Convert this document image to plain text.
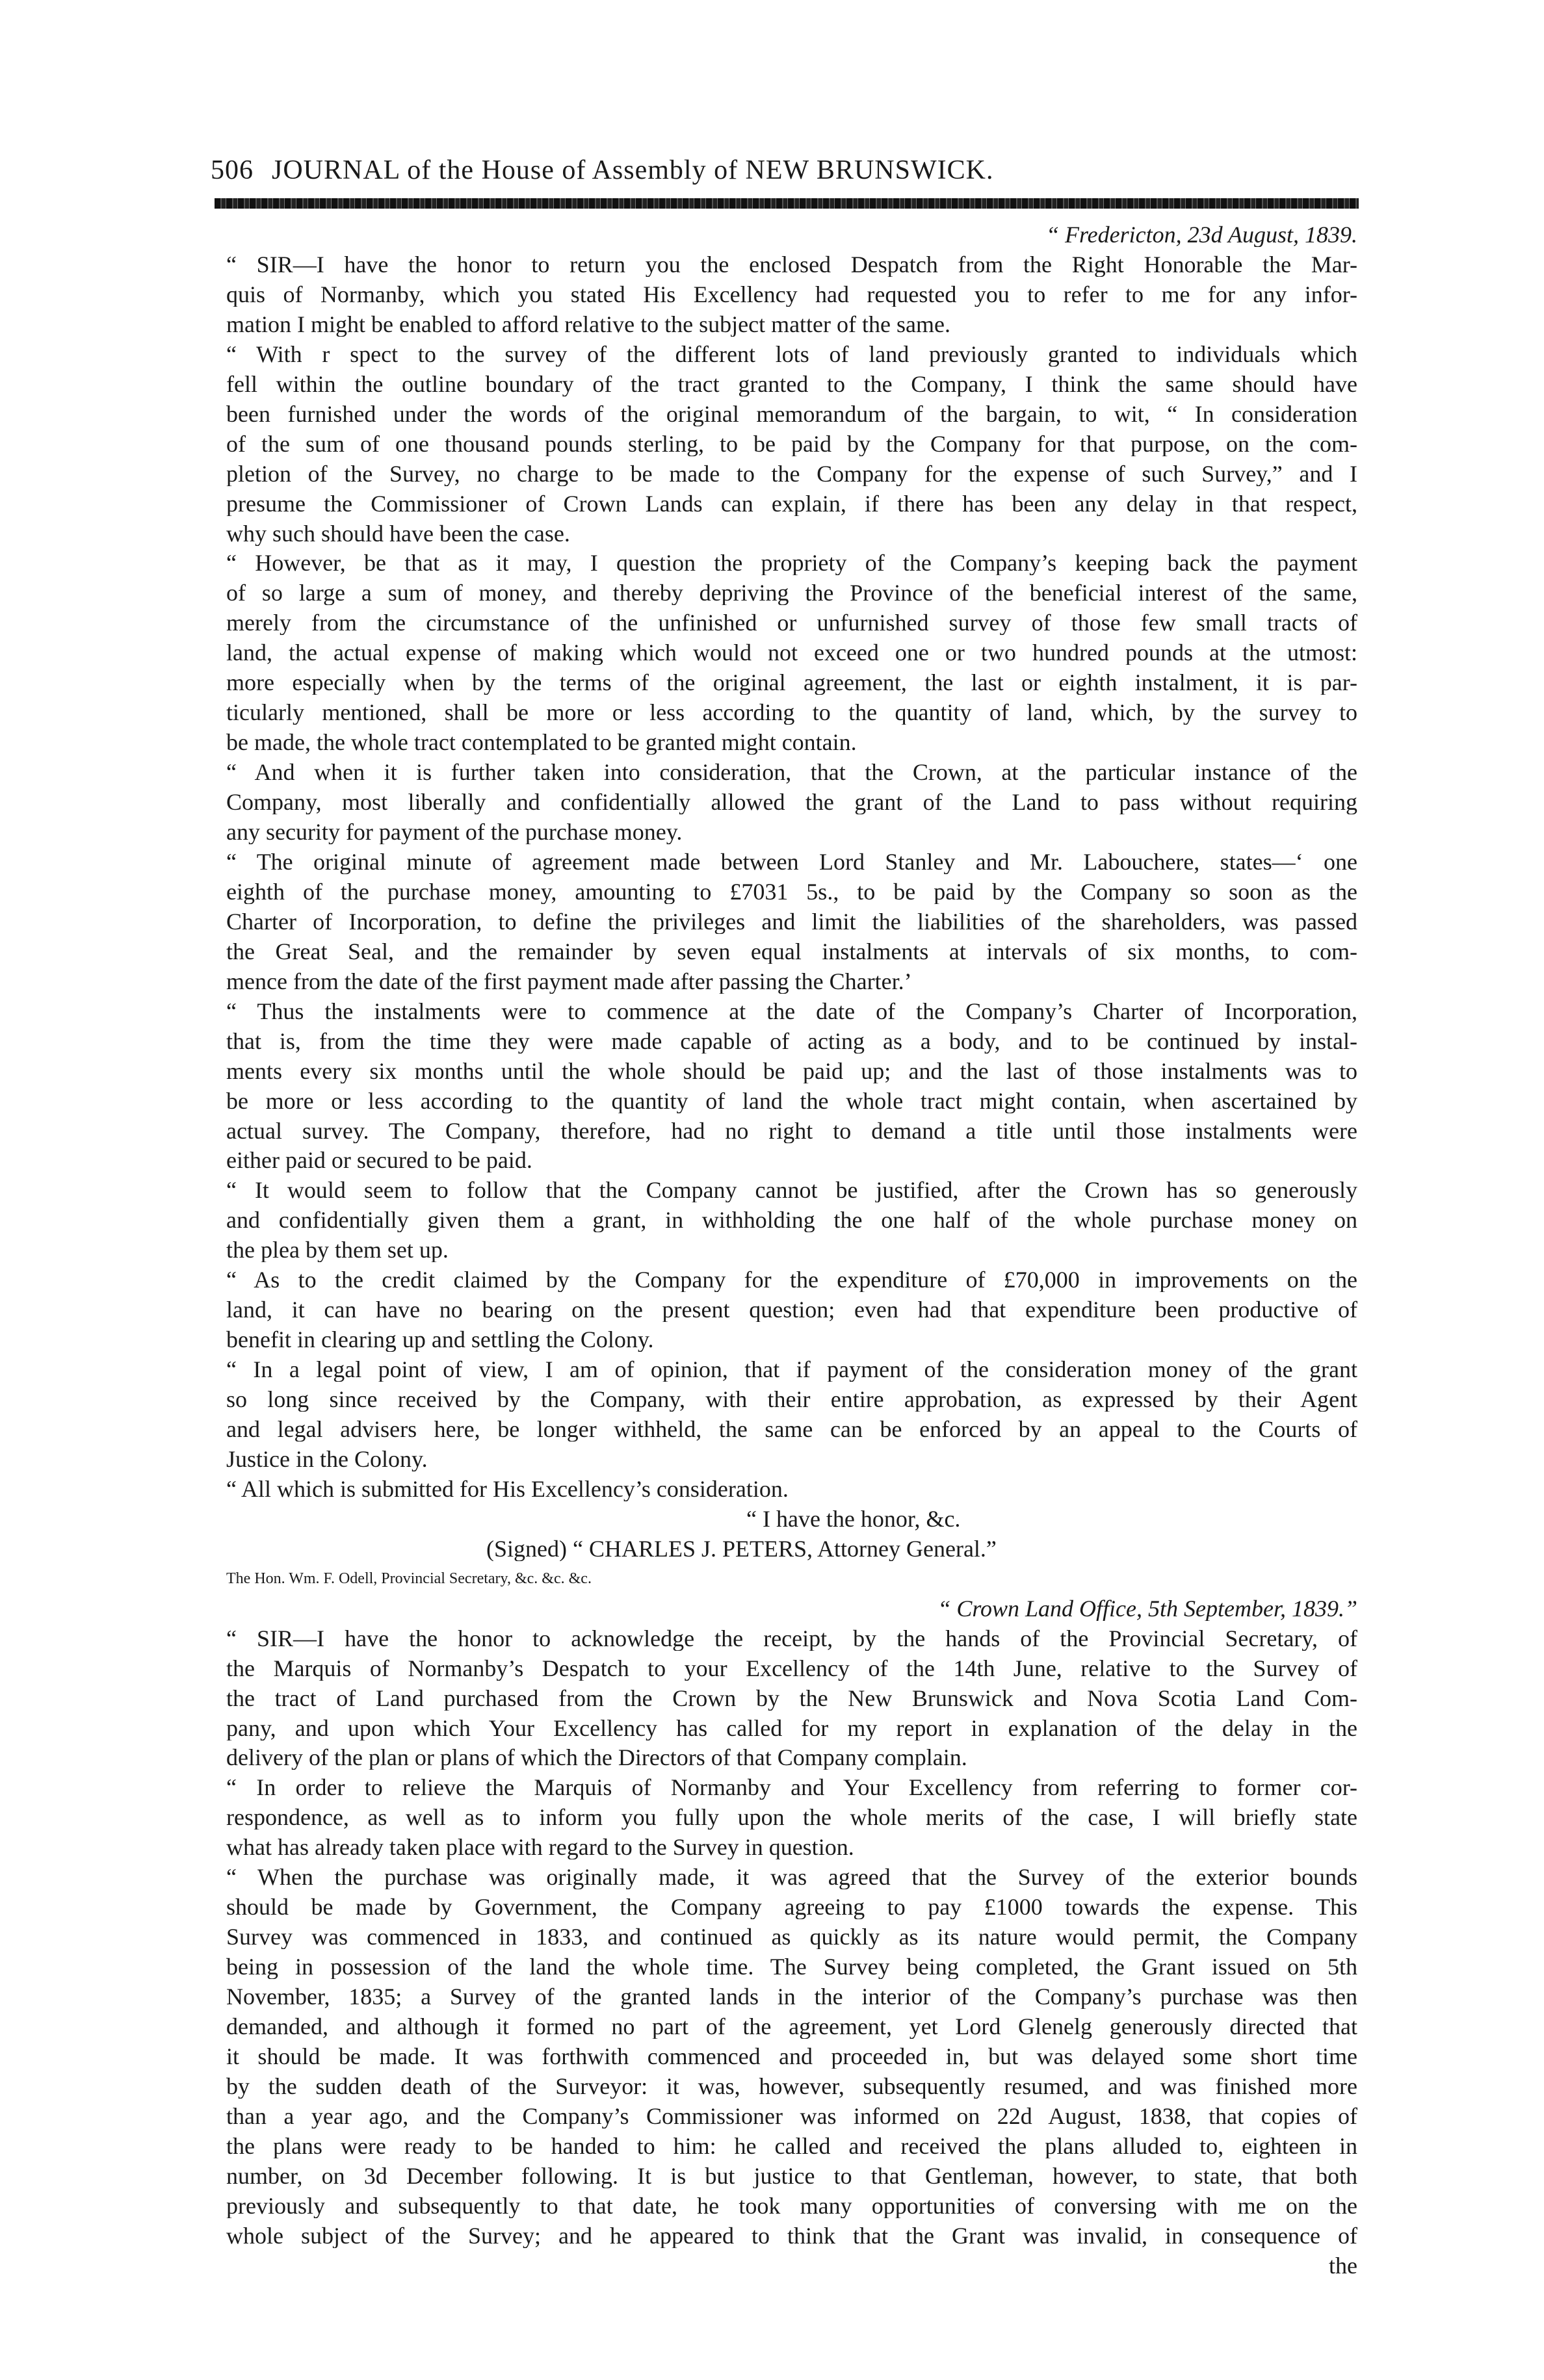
506 JOURNAL of the House of Assembly of NEW BRUNSWICK.
“ Fredericton, 23d August, 1839.
“ SIR—I have the honor to return you the enclosed Despatch from the Right Honorable the Mar-
quis of Normanby, which you stated His Excellency had requested you to refer to me for any infor-
mation I might be enabled to afford relative to the subject matter of the same.
“ With r spect to the survey of the different lots of land previously granted to individuals which
fell within the outline boundary of the tract granted to the Company, I think the same should have
been furnished under the words of the original memorandum of the bargain, to wit, “ In consideration
of the sum of one thousand pounds sterling, to be paid by the Company for that purpose, on the com-
pletion of the Survey, no charge to be made to the Company for the expense of such Survey,” and I
presume the Commissioner of Crown Lands can explain, if there has been any delay in that respect,
why such should have been the case.
“ However, be that as it may, I question the propriety of the Company’s keeping back the payment
of so large a sum of money, and thereby depriving the Province of the beneficial interest of the same,
merely from the circumstance of the unfinished or unfurnished survey of those few small tracts of
land, the actual expense of making which would not exceed one or two hundred pounds at the utmost:
more especially when by the terms of the original agreement, the last or eighth instalment, it is par-
ticularly mentioned, shall be more or less according to the quantity of land, which, by the survey to
be made, the whole tract contemplated to be granted might contain.
“ And when it is further taken into consideration, that the Crown, at the particular instance of the
Company, most liberally and confidentially allowed the grant of the Land to pass without requiring
any security for payment of the purchase money.
“ The original minute of agreement made between Lord Stanley and Mr. Labouchere, states—‘ one
eighth of the purchase money, amounting to £7031 5s., to be paid by the Company so soon as the
Charter of Incorporation, to define the privileges and limit the liabilities of the shareholders, was passed
the Great Seal, and the remainder by seven equal instalments at intervals of six months, to com-
mence from the date of the first payment made after passing the Charter.’
“ Thus the instalments were to commence at the date of the Company’s Charter of Incorporation,
that is, from the time they were made capable of acting as a body, and to be continued by instal-
ments every six months until the whole should be paid up; and the last of those instalments was to
be more or less according to the quantity of land the whole tract might contain, when ascertained by
actual survey. The Company, therefore, had no right to demand a title until those instalments were
either paid or secured to be paid.
“ It would seem to follow that the Company cannot be justified, after the Crown has so generously
and confidentially given them a grant, in withholding the one half of the whole purchase money on
the plea by them set up.
“ As to the credit claimed by the Company for the expenditure of £70,000 in improvements on the
land, it can have no bearing on the present question; even had that expenditure been productive of
benefit in clearing up and settling the Colony.
“ In a legal point of view, I am of opinion, that if payment of the consideration money of the grant
so long since received by the Company, with their entire approbation, as expressed by their Agent
and legal advisers here, be longer withheld, the same can be enforced by an appeal to the Courts of
Justice in the Colony.
“ All which is submitted for His Excellency’s consideration.
“ I have the honor, &c.
(Signed) “ CHARLES J. PETERS, Attorney General.”
The Hon. Wm. F. Odell, Provincial Secretary, &c. &c. &c.
“ Crown Land Office, 5th September, 1839.”
“ SIR—I have the honor to acknowledge the receipt, by the hands of the Provincial Secretary, of
the Marquis of Normanby’s Despatch to your Excellency of the 14th June, relative to the Survey of
the tract of Land purchased from the Crown by the New Brunswick and Nova Scotia Land Com-
pany, and upon which Your Excellency has called for my report in explanation of the delay in the
delivery of the plan or plans of which the Directors of that Company complain.
“ In order to relieve the Marquis of Normanby and Your Excellency from referring to former cor-
respondence, as well as to inform you fully upon the whole merits of the case, I will briefly state
what has already taken place with regard to the Survey in question.
“ When the purchase was originally made, it was agreed that the Survey of the exterior bounds
should be made by Government, the Company agreeing to pay £1000 towards the expense. This
Survey was commenced in 1833, and continued as quickly as its nature would permit, the Company
being in possession of the land the whole time. The Survey being completed, the Grant issued on 5th
November, 1835; a Survey of the granted lands in the interior of the Company’s purchase was then
demanded, and although it formed no part of the agreement, yet Lord Glenelg generously directed that
it should be made. It was forthwith commenced and proceeded in, but was delayed some short time
by the sudden death of the Surveyor: it was, however, subsequently resumed, and was finished more
than a year ago, and the Company’s Commissioner was informed on 22d August, 1838, that copies of
the plans were ready to be handed to him: he called and received the plans alluded to, eighteen in
number, on 3d December following. It is but justice to that Gentleman, however, to state, that both
previously and subsequently to that date, he took many opportunities of conversing with me on the
whole subject of the Survey; and he appeared to think that the Grant was invalid, in consequence of
the
